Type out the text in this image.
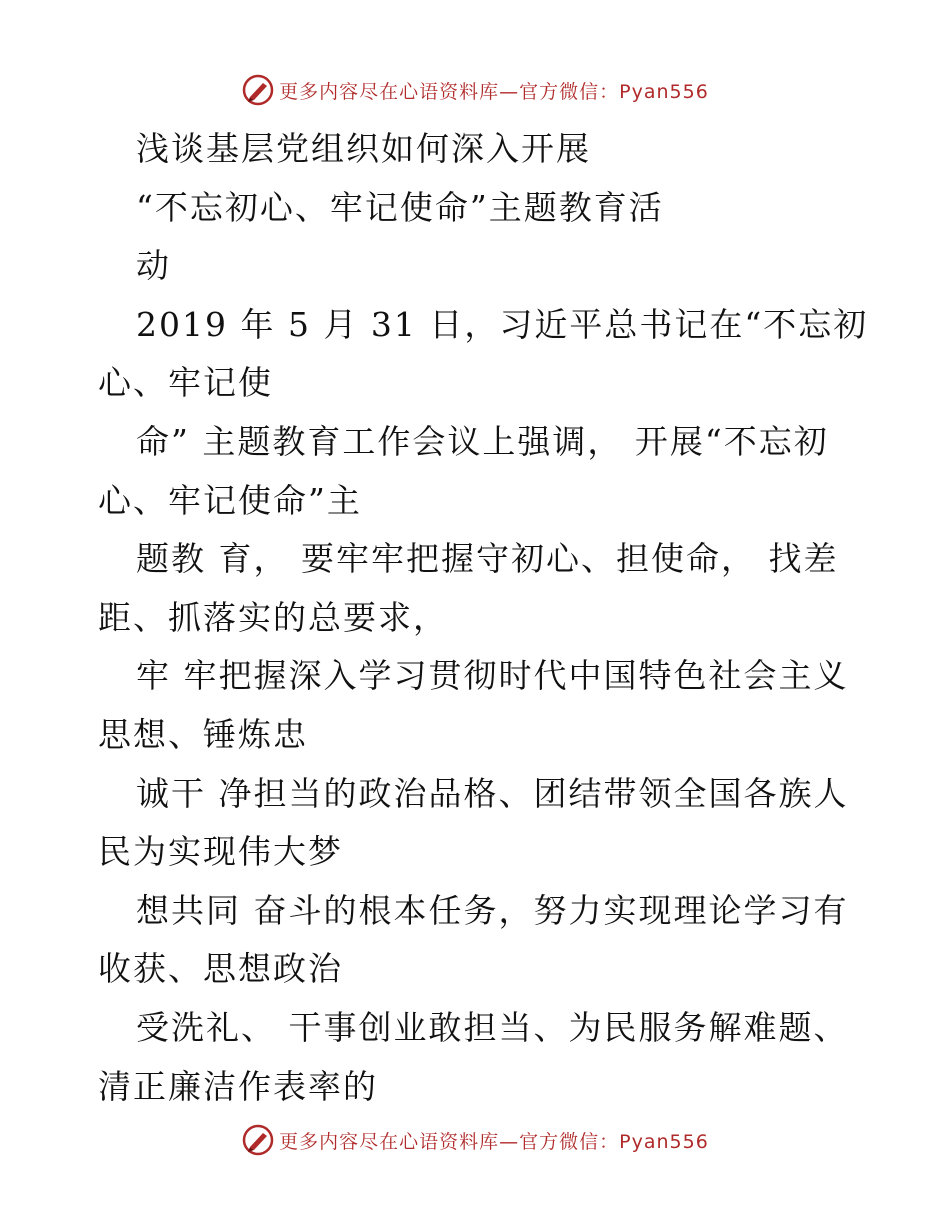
更多内容尽在心语资料库—官方微信：Pyan556
浅谈基层党组织如何深入开展
“不忘初心、牢记使命”主题教育活
动
2019 年 5 月 31 日，习近平总书记在“不忘初
心、牢记使
命” 主题教育工作会议上强调， 开展“不忘初
心、牢记使命”主
题教 育， 要牢牢把握守初心、担使命， 找差
距、抓落实的总要求，
牢 牢把握深入学习贯彻时代中国特色社会主义
思想、锤炼忠
诚干 净担当的政治品格、团结带领全国各族人
民为实现伟大梦
想共同 奋斗的根本任务，努力实现理论学习有
收获、思想政治
受洗礼、 干事创业敢担当、为民服务解难题、
清正廉洁作表率的
更多内容尽在心语资料库—官方微信：Pyan556
